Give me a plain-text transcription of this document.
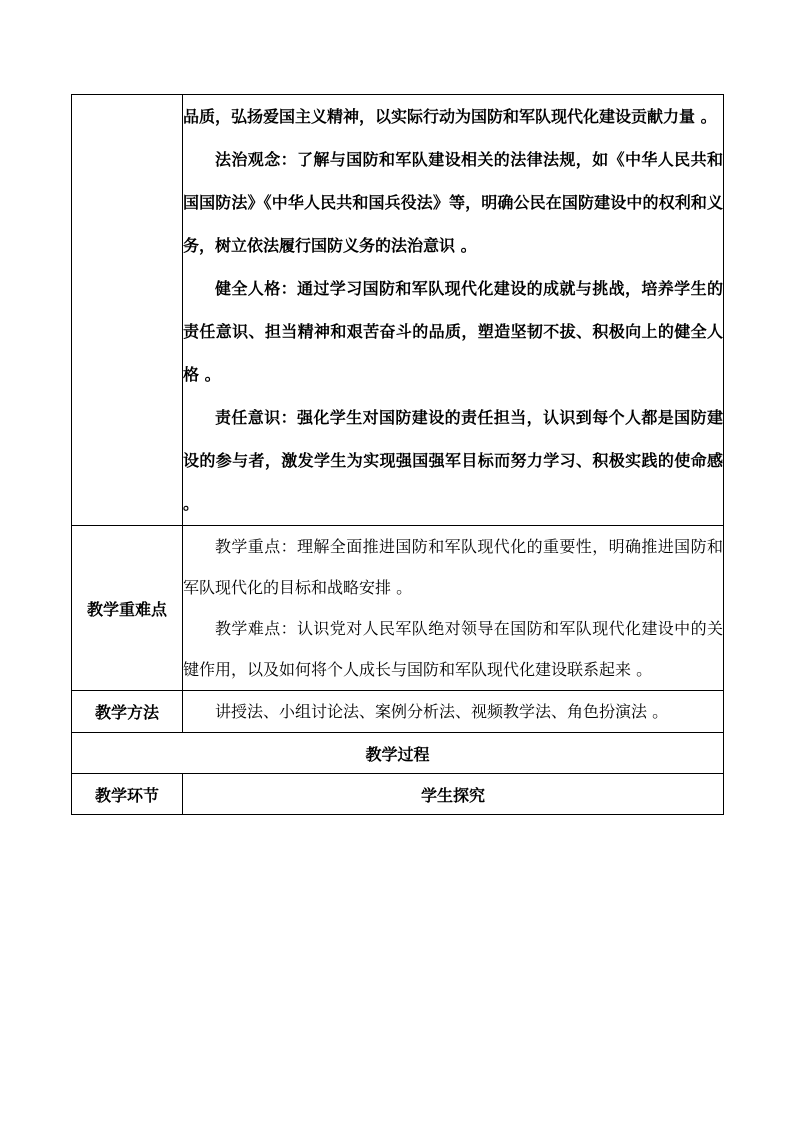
	品质，弘扬爱国主义精神，以实际行动为国防和军队现代化建设贡献力量 。

法治观念：了解与国防和军队建设相关的法律法规，如《中华人民共和国国防法》《中华人民共和国兵役法》等，明确公民在国防建设中的权利和义务，树立依法履行国防义务的法治意识 。

健全人格：通过学习国防和军队现代化建设的成就与挑战，培养学生的责任意识、担当精神和艰苦奋斗的品质，塑造坚韧不拔、积极向上的健全人格 。

责任意识：强化学生对国防建设的责任担当，认识到每个人都是国防建设的参与者，激发学生为实现强国强军目标而努力学习、积极实践的使命感 。

教学重难点	教学重点：理解全面推进国防和军队现代化的重要性，明确推进国防和军队现代化的目标和战略安排 。

教学难点：认识党对人民军队绝对领导在国防和军队现代化建设中的关键作用，以及如何将个人成长与国防和军队现代化建设联系起来 。

教学方法	讲授法、小组讨论法、案例分析法、视频教学法、角色扮演法 。

教学过程	
教学环节	学生探究
